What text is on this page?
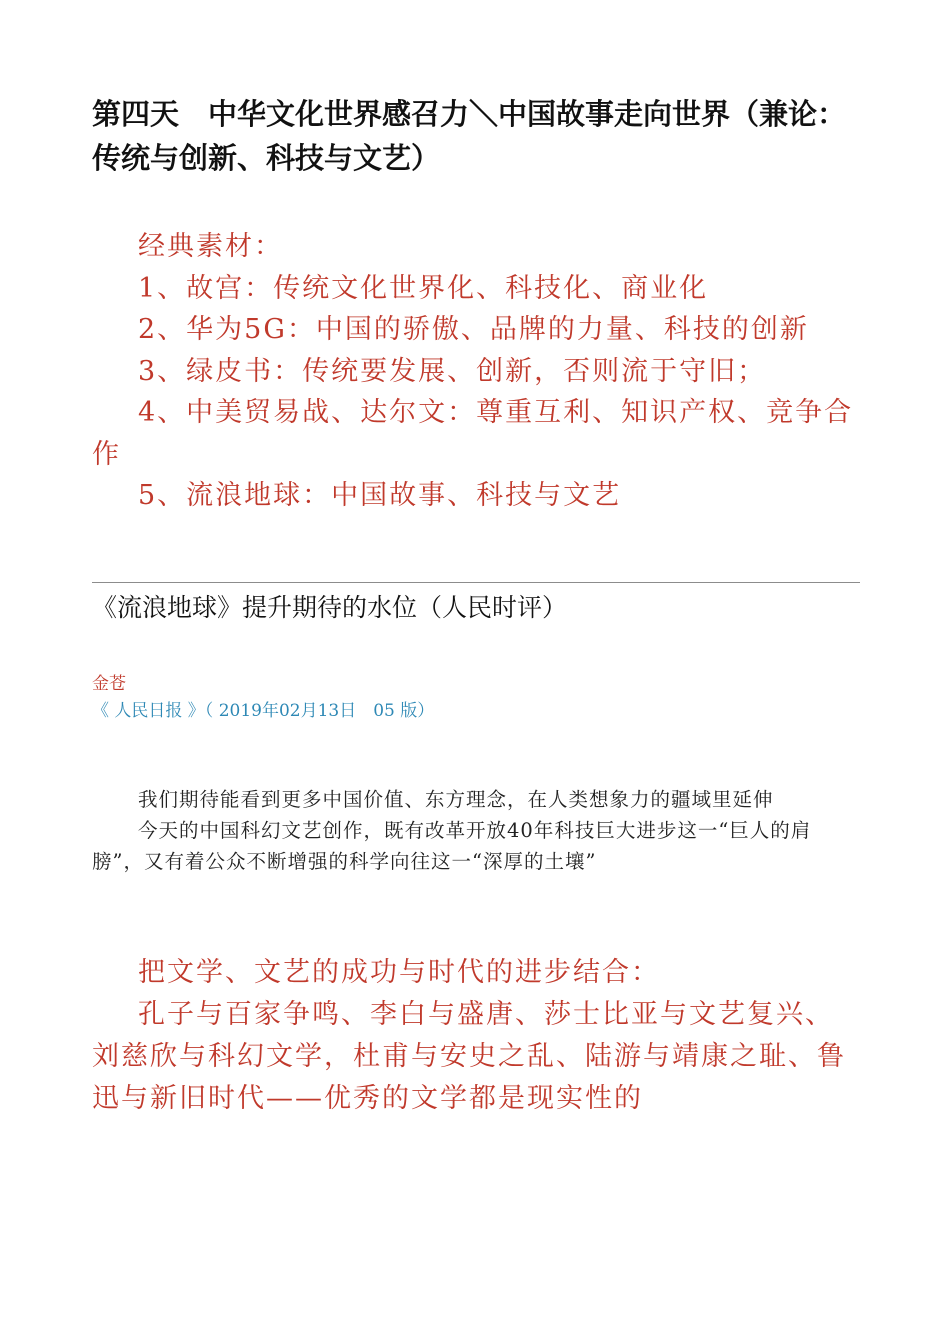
第四天　中华文化世界感召力＼中国故事走向世界（兼论：传统与创新、科技与文艺）
经典素材：
1、故宫：传统文化世界化、科技化、商业化
2、华为5G：中国的骄傲、品牌的力量、科技的创新
3、绿皮书：传统要发展、创新，否则流于守旧；
4、中美贸易战、达尔文：尊重互利、知识产权、竞争合作
5、流浪地球：中国故事、科技与文艺
《流浪地球》提升期待的水位（人民时评）
金苍
《 人民日报 》（ 2019年02月13日　05 版）
我们期待能看到更多中国价值、东方理念，在人类想象力的疆域里延伸
今天的中国科幻文艺创作，既有改革开放40年科技巨大进步这一“巨人的肩膀”，又有着公众不断增强的科学向往这一“深厚的土壤”
把文学、文艺的成功与时代的进步结合：
孔子与百家争鸣、李白与盛唐、莎士比亚与文艺复兴、刘慈欣与科幻文学，杜甫与安史之乱、陆游与靖康之耻、鲁迅与新旧时代——优秀的文学都是现实性的
